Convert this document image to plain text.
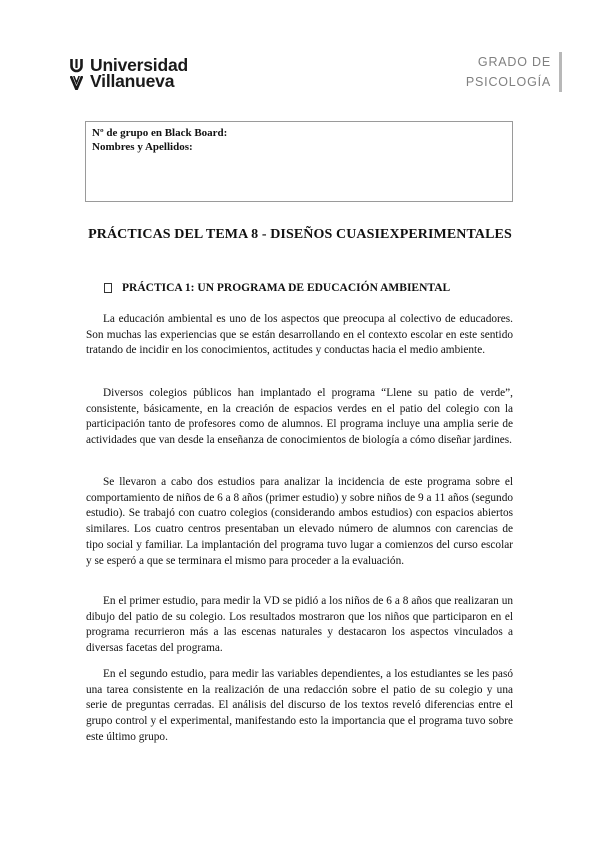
Universidad
Villanueva
GRADO DE
PSICOLOGÍA
Nº de grupo en Black Board:
Nombres y Apellidos:
PRÁCTICAS DEL TEMA 8 - DISEÑOS CUASIEXPERIMENTALES
PRÁCTICA 1: UN PROGRAMA DE EDUCACIÓN AMBIENTAL

La educación ambiental es uno de los aspectos que preocupa al colectivo de educadores. Son muchas las experiencias que se están desarrollando en el contexto escolar en este sentido tratando de incidir en los conocimientos, actitudes y conductas hacia el medio ambiente.

Diversos colegios públicos han implantado el programa “Llene su patio de verde”, consistente, básicamente, en la creación de espacios verdes en el patio del colegio con la participación tanto de profesores como de alumnos. El programa incluye una amplia serie de actividades que van desde la enseñanza de conocimientos de biología a cómo diseñar jardines.

Se llevaron a cabo dos estudios para analizar la incidencia de este programa sobre el comportamiento de niños de 6 a 8 años (primer estudio) y sobre niños de 9 a 11 años (segundo estudio). Se trabajó con cuatro colegios (considerando ambos estudios) con espacios abiertos similares. Los cuatro centros presentaban un elevado número de alumnos con carencias de tipo social y familiar. La implantación del programa tuvo lugar a comienzos del curso escolar y se esperó a que se terminara el mismo para proceder a la evaluación.

En el primer estudio, para medir la VD se pidió a los niños de 6 a 8 años que realizaran un dibujo del patio de su colegio. Los resultados mostraron que los niños que participaron en el programa recurrieron más a las escenas naturales y destacaron los aspectos vinculados a diversas facetas del programa.

En el segundo estudio, para medir las variables dependientes, a los estudiantes se les pasó una tarea consistente en la realización de una redacción sobre el patio de su colegio y una serie de preguntas cerradas. El análisis del discurso de los textos reveló diferencias entre el grupo control y el experimental, manifestando esto la importancia que el programa tuvo sobre este último grupo.
